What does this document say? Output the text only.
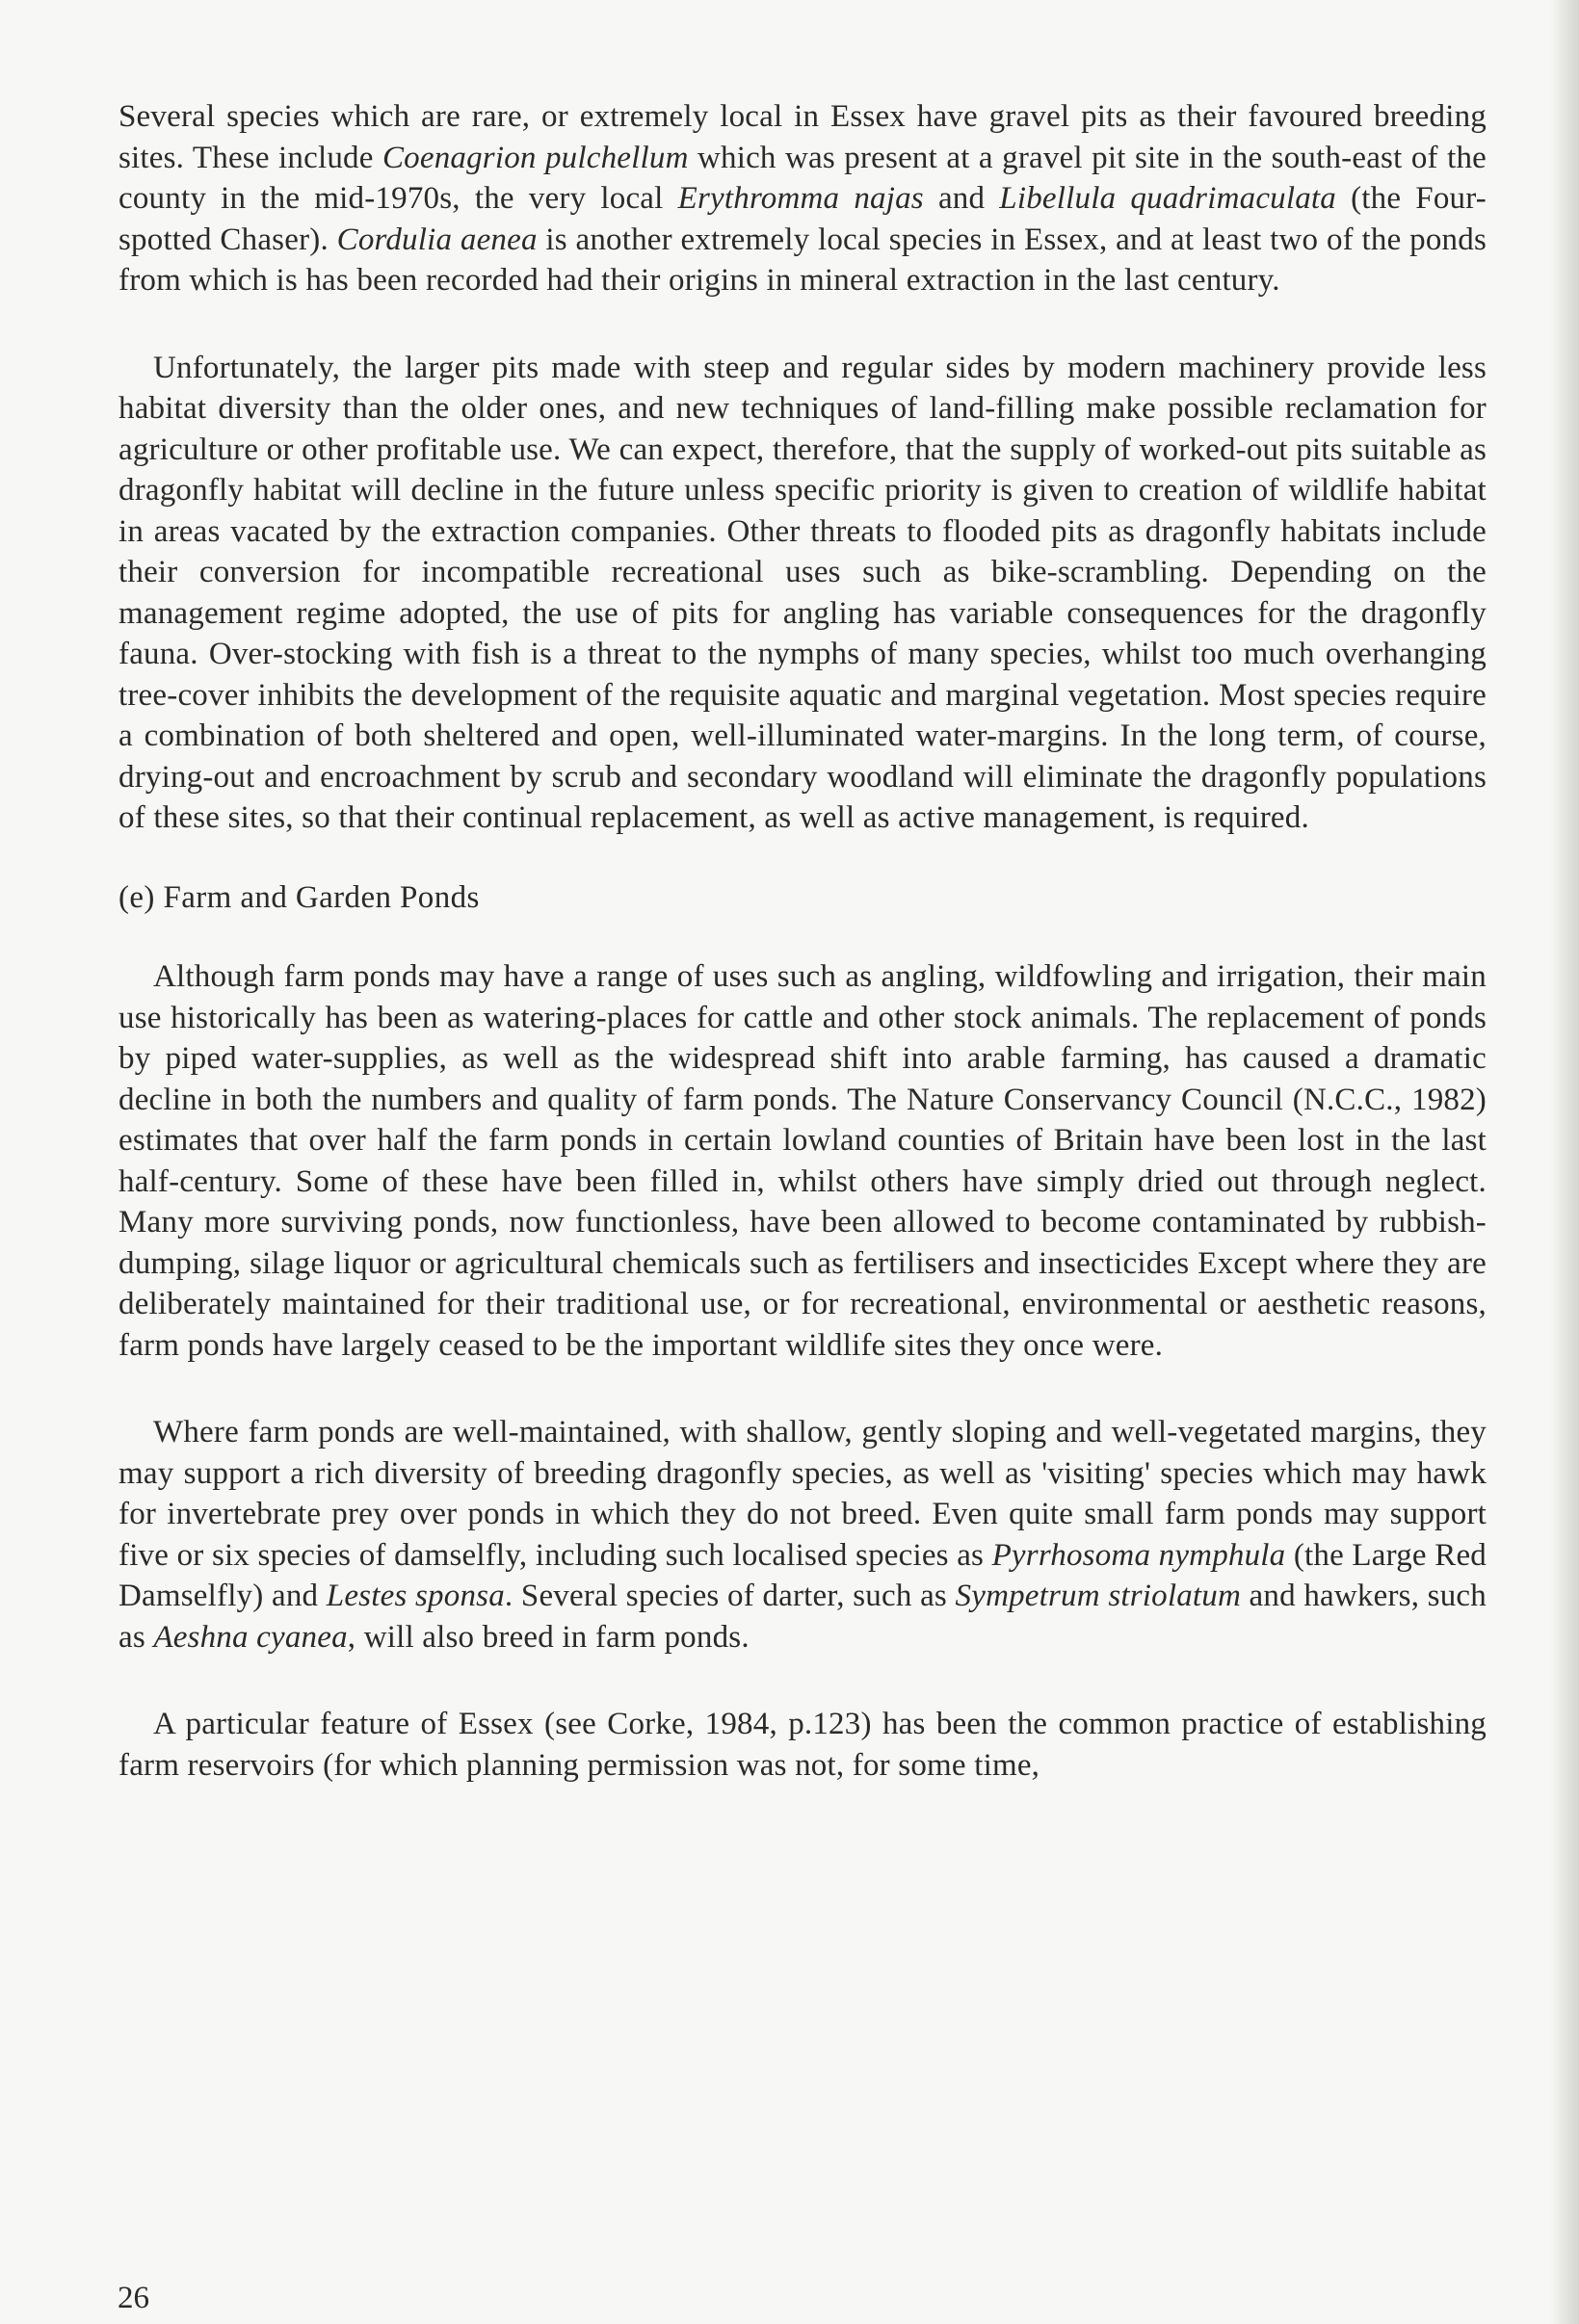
Several species which are rare, or extremely local in Essex have gravel pits as their favoured breeding sites. These include Coenagrion pulchellum which was present at a gravel pit site in the south-east of the county in the mid-1970s, the very local Erythromma najas and Libellula quadrimaculata (the Four-spotted Chaser). Cordulia aenea is another extremely local species in Essex, and at least two of the ponds from which is has been recorded had their origins in mineral extraction in the last century.

Unfortunately, the larger pits made with steep and regular sides by modern machinery provide less habitat diversity than the older ones, and new techniques of land-filling make possible reclamation for agriculture or other profitable use. We can expect, therefore, that the supply of worked-out pits suitable as dragonfly habitat will decline in the future unless specific priority is given to creation of wildlife habitat in areas vacated by the extraction companies. Other threats to flooded pits as dragonfly habitats include their conversion for incompatible recreational uses such as bike-scrambling. Depending on the management regime adopted, the use of pits for angling has variable consequences for the dragonfly fauna. Over-stocking with fish is a threat to the nymphs of many species, whilst too much overhanging tree-cover inhibits the development of the requisite aquatic and marginal vegetation. Most species require a combination of both sheltered and open, well-illuminated water-margins. In the long term, of course, drying-out and encroachment by scrub and secondary woodland will eliminate the dragonfly populations of these sites, so that their continual replacement, as well as active management, is required.

(e) Farm and Garden Ponds

Although farm ponds may have a range of uses such as angling, wildfowling and irrigation, their main use historically has been as watering-places for cattle and other stock animals. The replacement of ponds by piped water-supplies, as well as the widespread shift into arable farming, has caused a dramatic decline in both the numbers and quality of farm ponds. The Nature Conservancy Council (N.C.C., 1982) estimates that over half the farm ponds in certain lowland counties of Britain have been lost in the last half-century. Some of these have been filled in, whilst others have simply dried out through neglect. Many more surviving ponds, now functionless, have been allowed to become contaminated by rubbish-dumping, silage liquor or agricultural chemicals such as fertilisers and insecticides Except where they are deliberately maintained for their traditional use, or for recreational, environmental or aesthetic reasons, farm ponds have largely ceased to be the important wildlife sites they once were.

Where farm ponds are well-maintained, with shallow, gently sloping and well-vegetated margins, they may support a rich diversity of breeding dragonfly species, as well as 'visiting' species which may hawk for invertebrate prey over ponds in which they do not breed. Even quite small farm ponds may support five or six species of damselfly, including such localised species as Pyrrhosoma nymphula (the Large Red Damselfly) and Lestes sponsa. Several species of darter, such as Sympetrum striolatum and hawkers, such as Aeshna cyanea, will also breed in farm ponds.

A particular feature of Essex (see Corke, 1984, p.123) has been the common practice of establishing farm reservoirs (for which planning permission was not, for some time,

26
